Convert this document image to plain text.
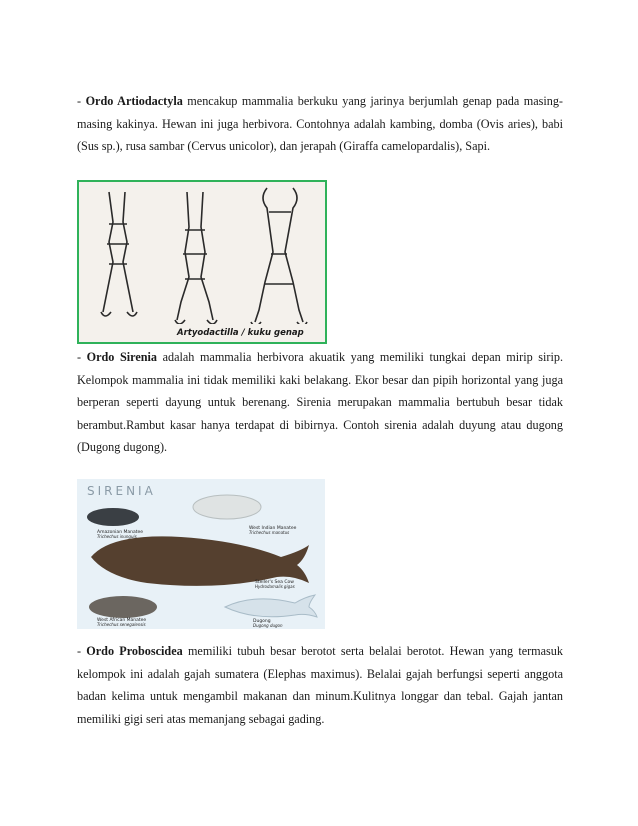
- Ordo Artiodactyla mencakup mammalia berkuku yang jarinya berjumlah genap pada masing-masing kakinya. Hewan ini juga herbivora. Contohnya adalah kambing, domba (Ovis aries), babi (Sus sp.), rusa sambar (Cervus unicolor), dan jerapah (Giraffa camelopardalis), Sapi.

Artyodactilla / kuku genap

- Ordo Sirenia adalah mammalia herbivora akuatik yang memiliki tungkai depan mirip sirip. Kelompok mammalia ini tidak memiliki kaki belakang. Ekor besar dan pipih horizontal yang juga berperan seperti dayung untuk berenang. Sirenia merupakan mammalia bertubuh besar tidak berambut.Rambut kasar hanya terdapat di bibirnya. Contoh sirenia adalah duyung atau dugong (Dugong dugong).

SIRENIA
Amazonian Manatee
Trichechus inunguis
West Indian Manatee
Trichechus manatus
Steller's Sea Cow
Hydrodamalis gigas
West African Manatee
Trichechus senegalensis
Dugong
Dugong dugon

- Ordo Proboscidea memiliki tubuh besar berotot serta belalai berotot. Hewan yang termasuk kelompok ini adalah gajah sumatera (Elephas maximus). Belalai gajah berfungsi seperti anggota badan kelima untuk mengambil makanan dan minum.Kulitnya longgar dan tebal. Gajah jantan memiliki gigi seri atas memanjang sebagai gading.
